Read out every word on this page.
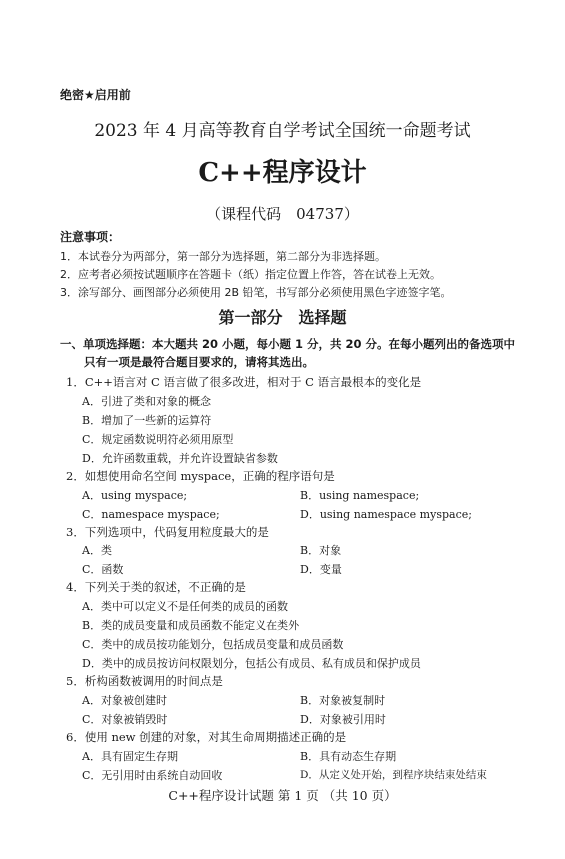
绝密★启用前
2023 年 4 月高等教育自学考试全国统一命题考试
C++程序设计
（课程代码　04737）
注意事项：
1．本试卷分为两部分，第一部分为选择题，第二部分为非选择题。
2．应考者必须按试题顺序在答题卡（纸）指定位置上作答，答在试卷上无效。
3．涂写部分、画图部分必须使用 2B 铅笔，书写部分必须使用黑色字迹签字笔。
第一部分　选择题
一、单项选择题：本大题共 20 小题，每小题 1 分，共 20 分。在每小题列出的备选项中
只有一项是最符合题目要求的，请将其选出。
1．C++语言对 C 语言做了很多改进，相对于 C 语言最根本的变化是
A．引进了类和对象的概念
B．增加了一些新的运算符
C．规定函数说明符必须用原型
D．允许函数重载，并允许设置缺省参数
2．如想使用命名空间 myspace，正确的程序语句是
A．using myspace;	B．using namespace;
C．namespace myspace;	D．using namespace myspace;
3．下列选项中，代码复用粒度最大的是
A．类	B．对象
C．函数	D．变量
4．下列关于类的叙述，不正确的是
A．类中可以定义不是任何类的成员的函数
B．类的成员变量和成员函数不能定义在类外
C．类中的成员按功能划分，包括成员变量和成员函数
D．类中的成员按访问权限划分，包括公有成员、私有成员和保护成员
5．析构函数被调用的时间点是
A．对象被创建时	B．对象被复制时
C．对象被销毁时	D．对象被引用时
6．使用 new 创建的对象，对其生命周期描述正确的是
A．具有固定生存期	B．具有动态生存期
C．无引用时由系统自动回收	D．从定义处开始，到程序块结束处结束
C++程序设计试题 第 1 页 （共 10 页）
